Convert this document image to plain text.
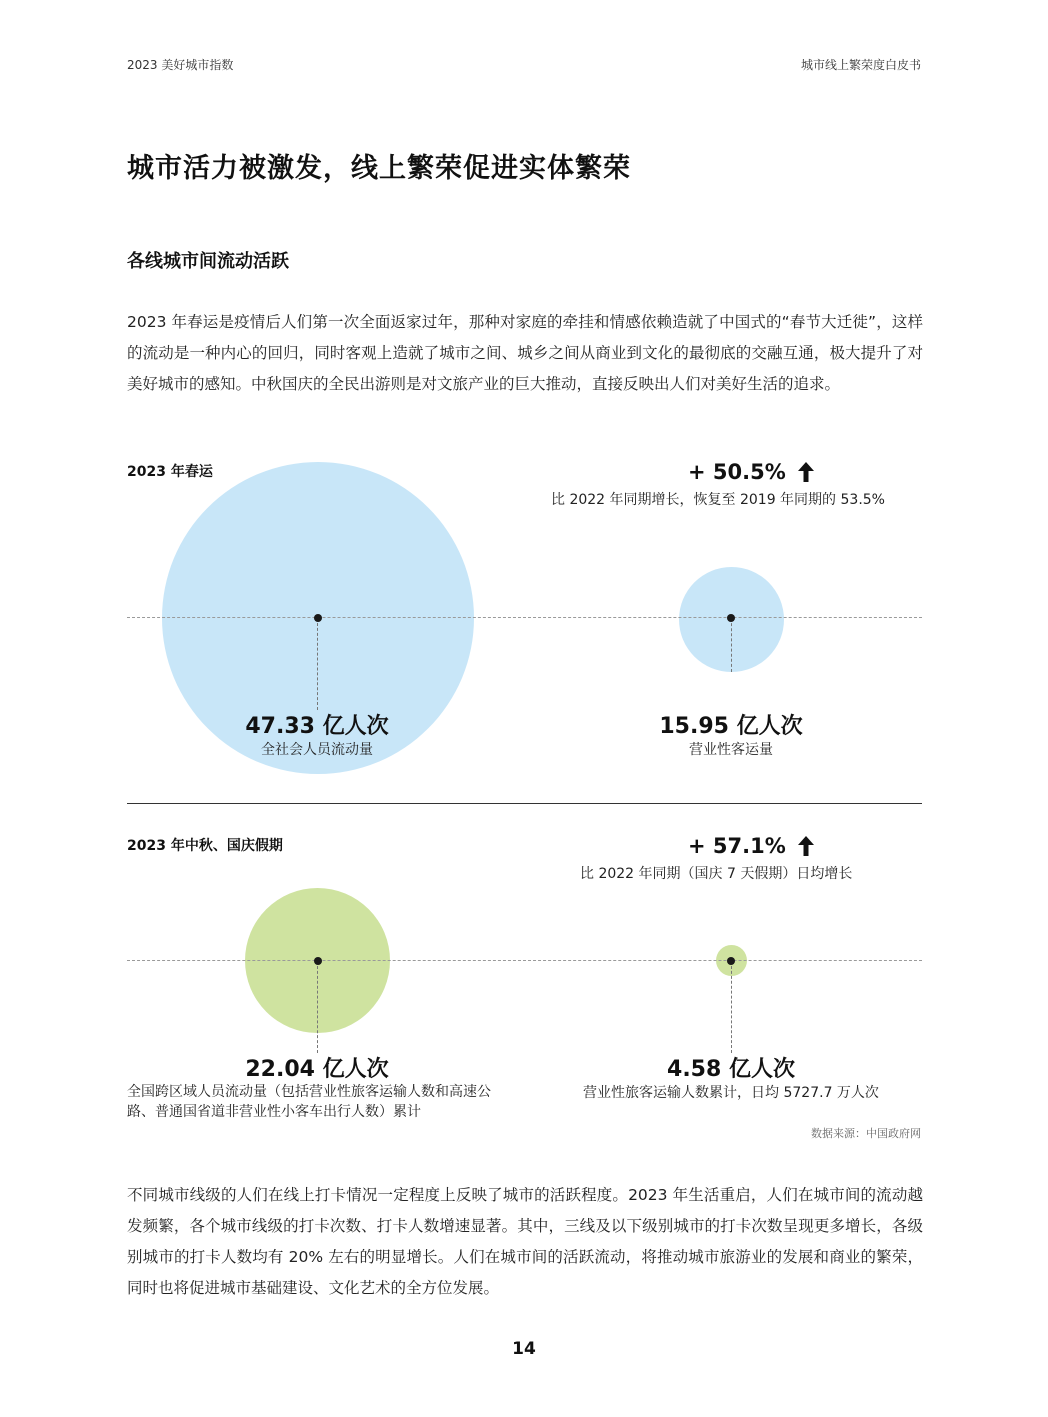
2023 美好城市指数	城市线上繁荣度白皮书
城市活力被激发，线上繁荣促进实体繁荣
各线城市间流动活跃
2023 年春运是疫情后人们第一次全面返家过年，那种对家庭的牵挂和情感依赖造就了中国式的“春节大迁徙”，这样的流动是一种内心的回归，同时客观上造就了城市之间、城乡之间从商业到文化的最彻底的交融互通，极大提升了对美好城市的感知。中秋国庆的全民出游则是对文旅产业的巨大推动，直接反映出人们对美好生活的追求。
2023 年春运	+ 50.5%
比 2022 年同期增长，恢复至 2019 年同期的 53.5%
47.33 亿人次
全社会人员流动量
15.95 亿人次
营业性客运量
2023 年中秋、国庆假期	+ 57.1%
比 2022 年同期（国庆 7 天假期）日均增长
22.04 亿人次
全国跨区域人员流动量（包括营业性旅客运输人数和高速公路、普通国省道非营业性小客车出行人数）累计
4.58 亿人次
营业性旅客运输人数累计，日均 5727.7 万人次
数据来源：中国政府网
不同城市线级的人们在线上打卡情况一定程度上反映了城市的活跃程度。2023 年生活重启，人们在城市间的流动越发频繁，各个城市线级的打卡次数、打卡人数增速显著。其中，三线及以下级别城市的打卡次数呈现更多增长，各级别城市的打卡人数均有 20% 左右的明显增长。人们在城市间的活跃流动，将推动城市旅游业的发展和商业的繁荣，同时也将促进城市基础建设、文化艺术的全方位发展。
14
